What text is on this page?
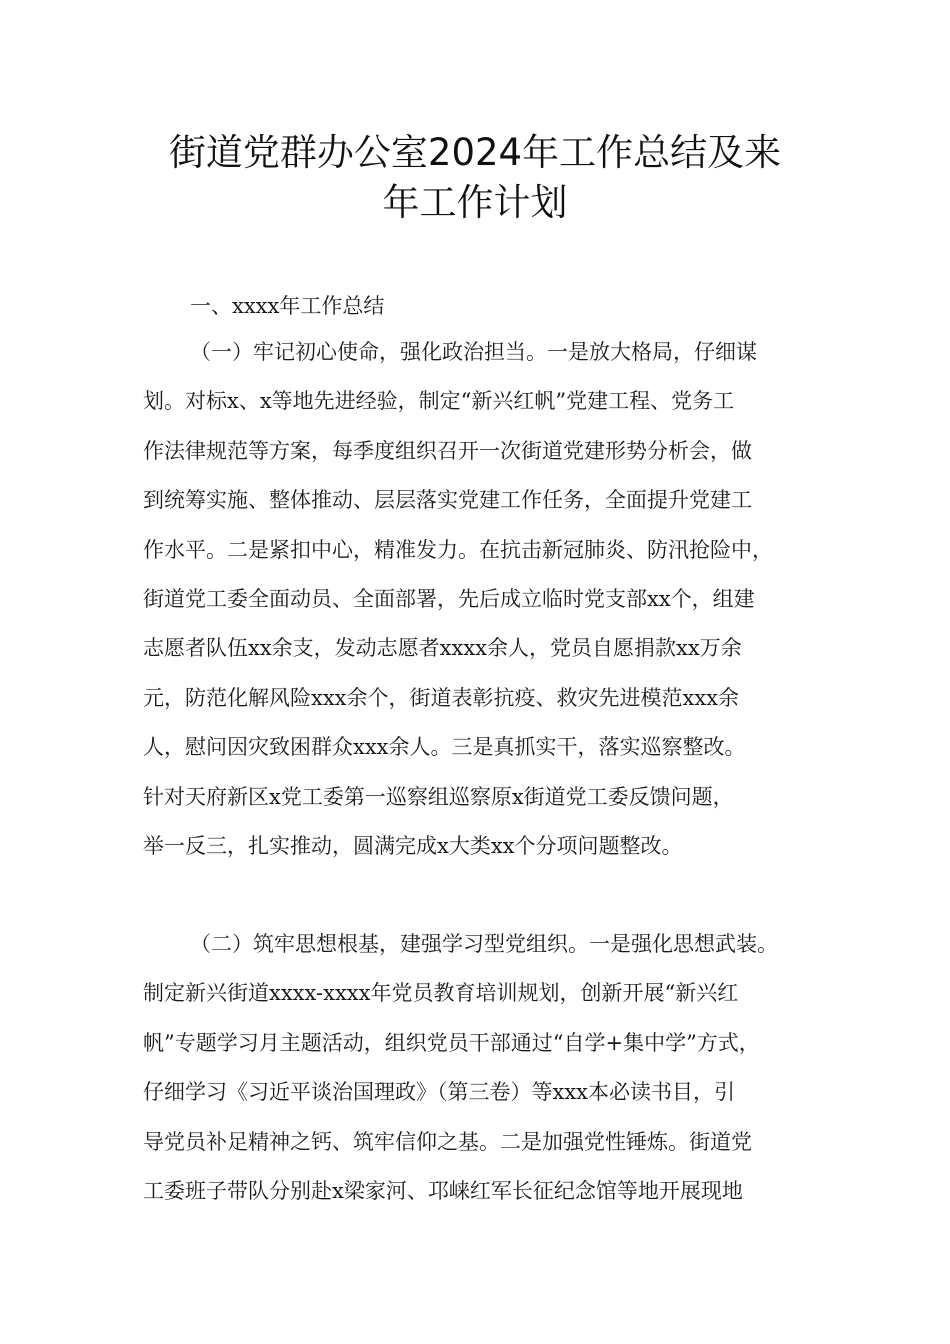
街道党群办公室2024年工作总结及来
年工作计划
一、xxxx年工作总结
（一）牢记初心使命，强化政治担当。一是放大格局，仔细谋
划。对标x、x等地先进经验，制定“新兴红帆”党建工程、党务工
作法律规范等方案，每季度组织召开一次街道党建形势分析会，做
到统筹实施、整体推动、层层落实党建工作任务，全面提升党建工
作水平。二是紧扣中心，精准发力。在抗击新冠肺炎、防汛抢险中，
街道党工委全面动员、全面部署，先后成立临时党支部xx个，组建
志愿者队伍xx余支，发动志愿者xxxx余人，党员自愿捐款xx万余
元，防范化解风险xxx余个，街道表彰抗疫、救灾先进模范xxx余
人，慰问因灾致困群众xxx余人。三是真抓实干，落实巡察整改。
针对天府新区x党工委第一巡察组巡察原x街道党工委反馈问题，
举一反三，扎实推动，圆满完成x大类xx个分项问题整改。
（二）筑牢思想根基，建强学习型党组织。一是强化思想武装。
制定新兴街道xxxx-xxxx年党员教育培训规划，创新开展“新兴红
帆”专题学习月主题活动，组织党员干部通过“自学+集中学”方式，
仔细学习《习近平谈治国理政》（第三卷）等xxx本必读书目，引
导党员补足精神之钙、筑牢信仰之基。二是加强党性锤炼。街道党
工委班子带队分别赴x梁家河、邛崃红军长征纪念馆等地开展现地
